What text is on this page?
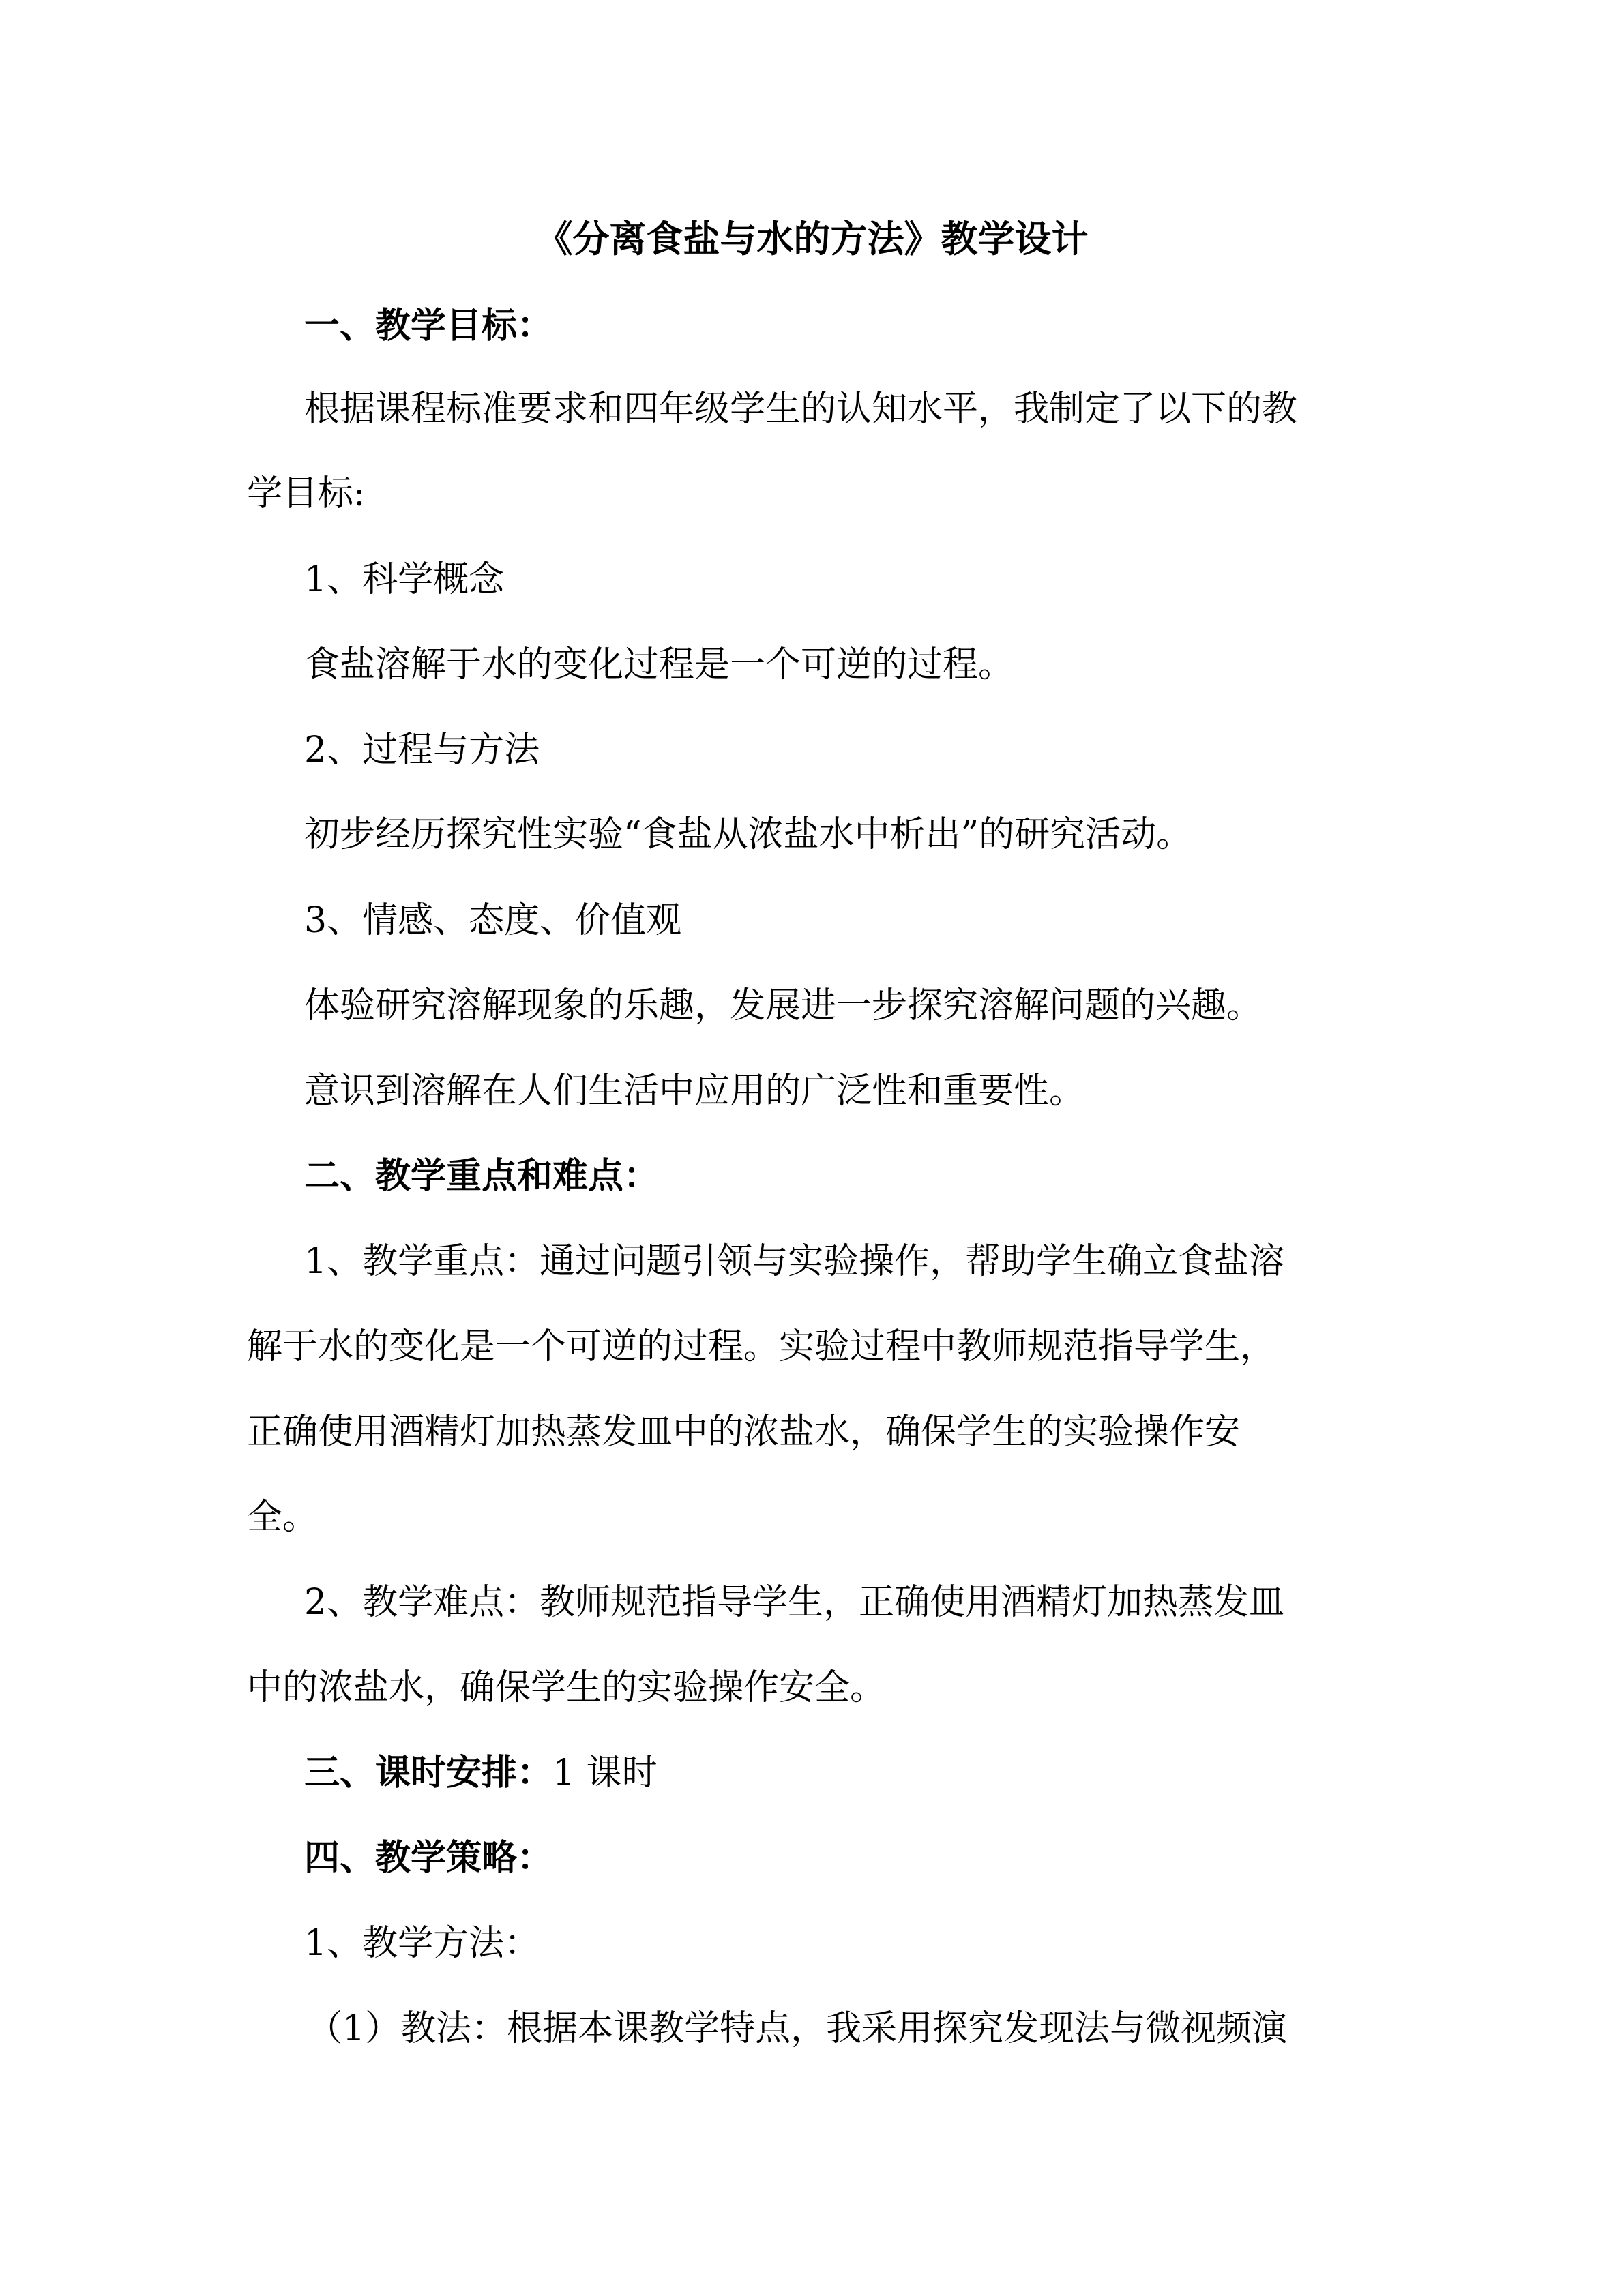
《分离食盐与水的方法》教学设计
一、教学目标：
根据课程标准要求和四年级学生的认知水平，我制定了以下的教
学目标:
1、科学概念
食盐溶解于水的变化过程是一个可逆的过程。
2、过程与方法
初步经历探究性实验“食盐从浓盐水中析出”的研究活动。
3、情感、态度、价值观
体验研究溶解现象的乐趣，发展进一步探究溶解问题的兴趣。
意识到溶解在人们生活中应用的广泛性和重要性。
二、教学重点和难点：
1、教学重点：通过问题引领与实验操作，帮助学生确立食盐溶
解于水的变化是一个可逆的过程。实验过程中教师规范指导学生，
正确使用酒精灯加热蒸发皿中的浓盐水，确保学生的实验操作安
全。
2、教学难点：教师规范指导学生，正确使用酒精灯加热蒸发皿
中的浓盐水，确保学生的实验操作安全。
三、课时安排：1 课时
四、教学策略：
1、教学方法：
（1）教法：根据本课教学特点，我采用探究发现法与微视频演
